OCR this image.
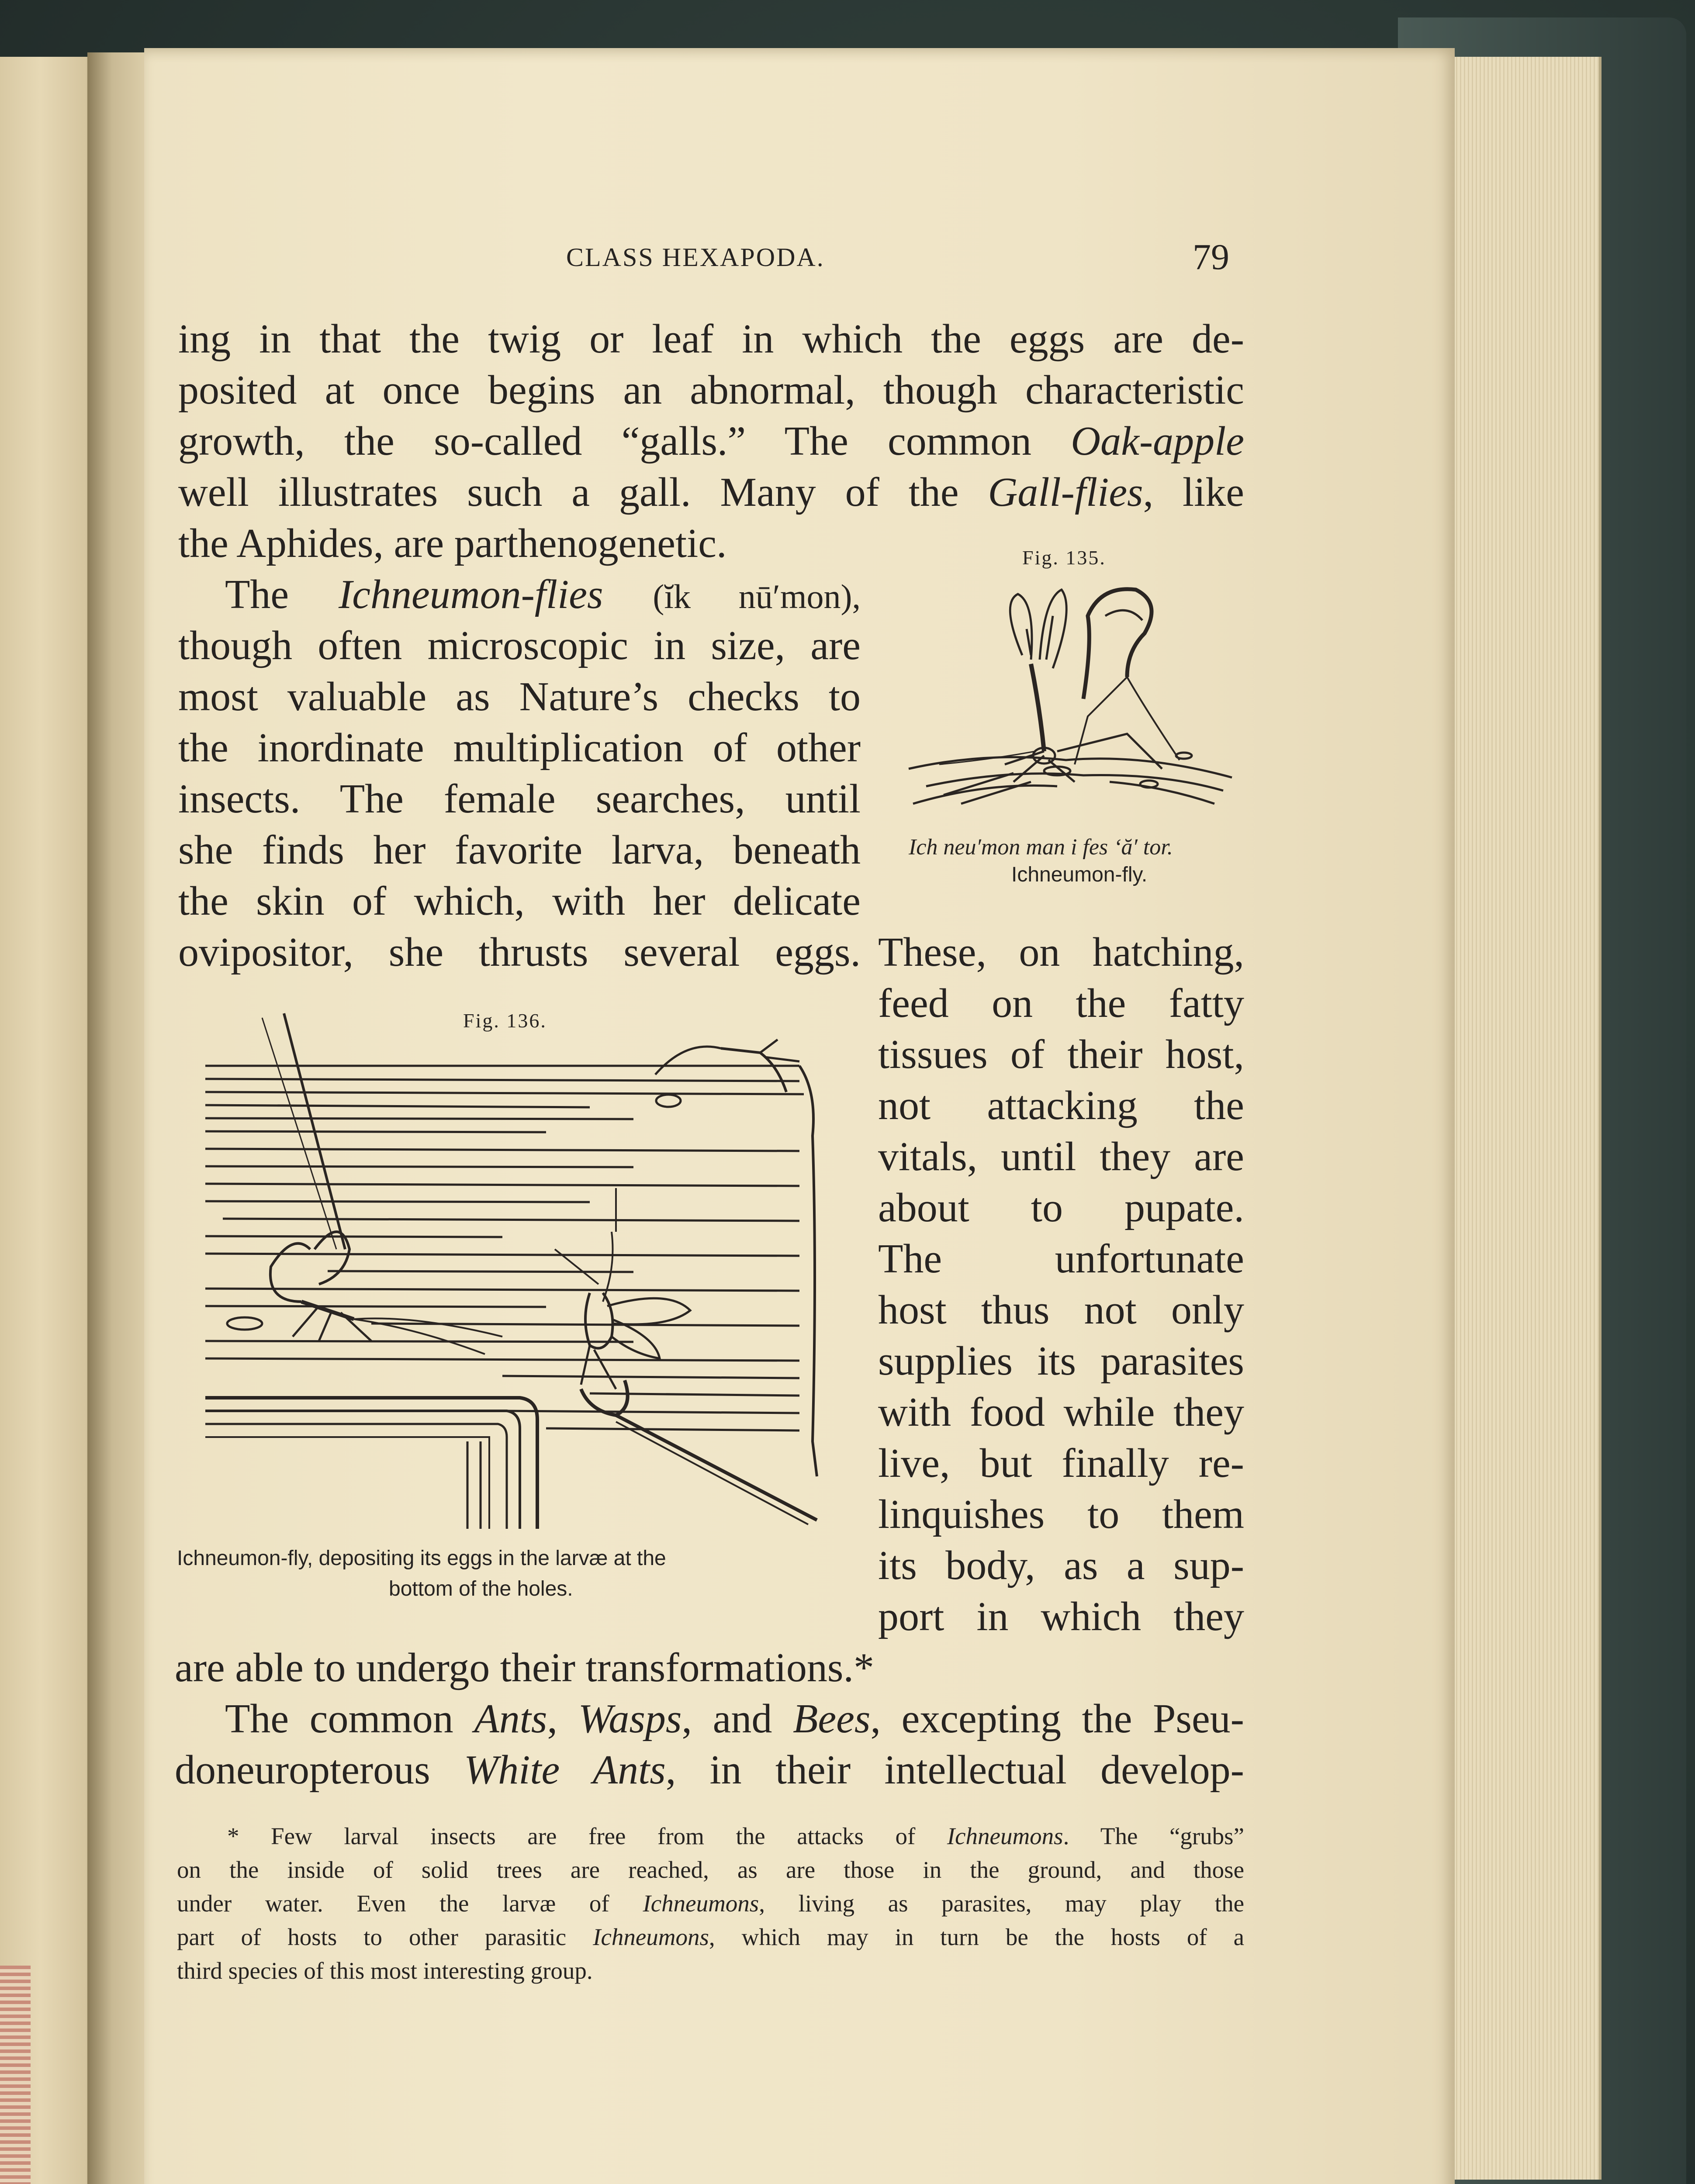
CLASS HEXAPODA.	79
ing in that the twig or leaf in which the eggs are de-
posited at once begins an abnormal, though characteristic
growth, the so-called “galls.” The common Oak-apple
well illustrates such a gall. Many of the Gall-flies, like
the Aphides, are parthenogenetic.
The Ichneumon-flies (ĭk nū′mon),
though often microscopic in size, are
most valuable as Nature’s checks to
the inordinate multiplication of other
insects. The female searches, until
she finds her favorite larva, beneath
the skin of which, with her delicate
ovipositor, she thrusts several eggs.
Fig. 135.
Ich neu′mon man i fes ‘ă′ tor.
Ichneumon-fly.
Fig. 136.
Ichneumon-fly, depositing its eggs in the larvæ at the
bottom of the holes.
These, on hatching,
feed on the fatty
tissues of their host,
not attacking the
vitals, until they are
about to pupate.
The unfortunate
host thus not only
supplies its parasites
with food while they
live, but finally re-
linquishes to them
its body, as a sup-
port in which they
are able to undergo their transformations.*
The common Ants, Wasps, and Bees, excepting the Pseu-
doneuropterous White Ants, in their intellectual develop-
* Few larval insects are free from the attacks of Ichneumons. The “grubs”
on the inside of solid trees are reached, as are those in the ground, and those
under water. Even the larvæ of Ichneumons, living as parasites, may play the
part of hosts to other parasitic Ichneumons, which may in turn be the hosts of a
third species of this most interesting group.
